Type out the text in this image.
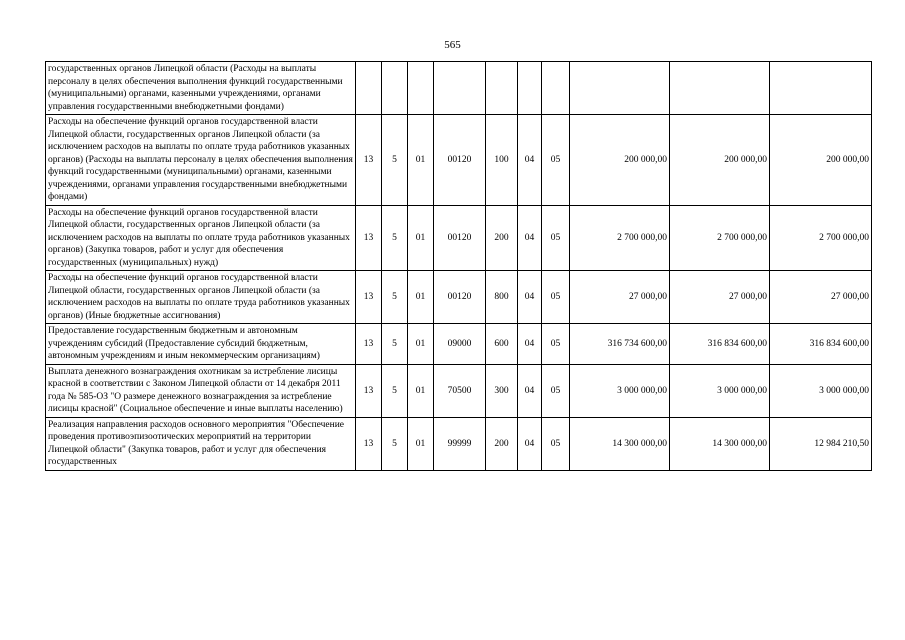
565
государственных органов Липецкой области (Расходы на выплаты персоналу в целях обеспечения выполнения функций государственными (муниципальными) органами, казенными учреждениями, органами управления государственными внебюджетными фондами)										
Расходы на обеспечение функций органов государственной власти Липецкой области, государственных органов Липецкой области (за исключением расходов на выплаты по оплате труда работников указанных органов) (Расходы на выплаты персоналу в целях обеспечения выполнения функций государственными (муниципальными) органами, казенными учреждениями, органами управления государственными внебюджетными фондами)	13	5	01	00120	100	04	05	200 000,00	200 000,00	200 000,00
Расходы на обеспечение функций органов государственной власти Липецкой области, государственных органов Липецкой области (за исключением расходов на выплаты по оплате труда работников указанных органов) (Закупка товаров, работ и услуг для обеспечения государственных (муниципальных) нужд)	13	5	01	00120	200	04	05	2 700 000,00	2 700 000,00	2 700 000,00
Расходы на обеспечение функций органов государственной власти Липецкой области, государственных органов Липецкой области (за исключением расходов на выплаты по оплате труда работников указанных органов) (Иные бюджетные ассигнования)	13	5	01	00120	800	04	05	27 000,00	27 000,00	27 000,00
Предоставление государственным бюджетным и автономным учреждениям субсидий (Предоставление субсидий бюджетным, автономным учреждениям и иным некоммерческим организациям)	13	5	01	09000	600	04	05	316 734 600,00	316 834 600,00	316 834 600,00
Выплата денежного вознаграждения охотникам за истребление лисицы красной в соответствии с Законом Липецкой области от 14 декабря 2011 года № 585-ОЗ "О размере денежного вознаграждения за истребление лисицы красной" (Социальное обеспечение и иные выплаты населению)	13	5	01	70500	300	04	05	3 000 000,00	3 000 000,00	3 000 000,00
Реализация направления расходов основного мероприятия "Обеспечение проведения противоэпизоотических мероприятий на территории Липецкой области" (Закупка товаров, работ и услуг для обеспечения государственных	13	5	01	99999	200	04	05	14 300 000,00	14 300 000,00	12 984 210,50
